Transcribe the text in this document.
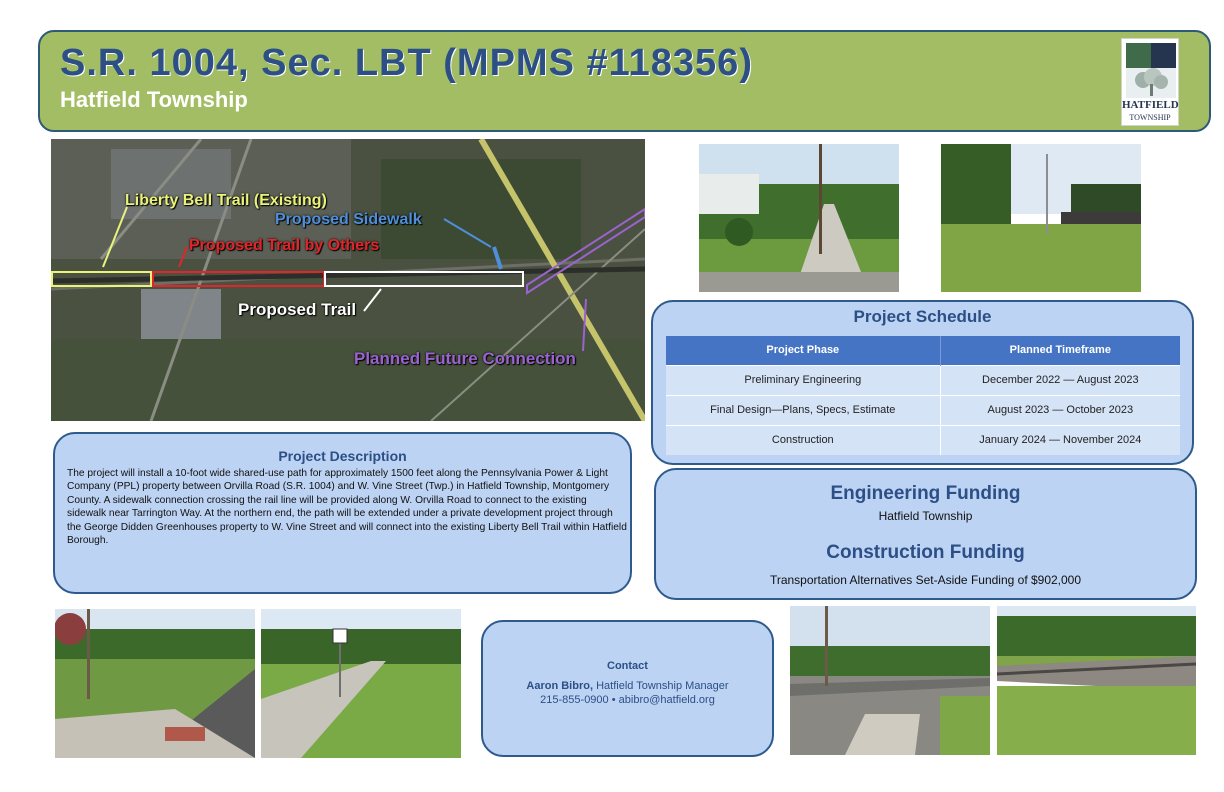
S.R. 1004, Sec. LBT (MPMS #118356)
Hatfield Township	HATFIELD
TOWNSHIP
Liberty Bell Trail (Existing)
Proposed Sidewalk
Proposed Trail by Others
Proposed Trail
Planned Future Connection
Project Schedule
Project Phase	Planned Timeframe
Preliminary Engineering	December 2022 — August 2023
Final Design—Plans, Specs, Estimate	August 2023 — October 2023
Construction	January 2024 — November 2024
Project Description

The project will install a 10-foot wide shared-use path for approximately 1500 feet along the Pennsylvania Power & Light Company (PPL) property between Orvilla Road (S.R. 1004) and W. Vine Street (Twp.) in Hatfield Township, Montgomery County. A sidewalk connection crossing the rail line will be provided along W. Orvilla Road to connect to the existing sidewalk near Tarrington Way. At the northern end, the path will be extended under a private development project through the George Didden Greenhouses property to W. Vine Street and will connect into the existing Liberty Bell Trail within Hatfield Borough.

Engineering Funding
Hatfield Township
Construction Funding
Transportation Alternatives Set-Aside Funding of $902,000
Contact
Aaron Bibro, Hatfield Township Manager
215-855-0900 • abibro@hatfield.org
